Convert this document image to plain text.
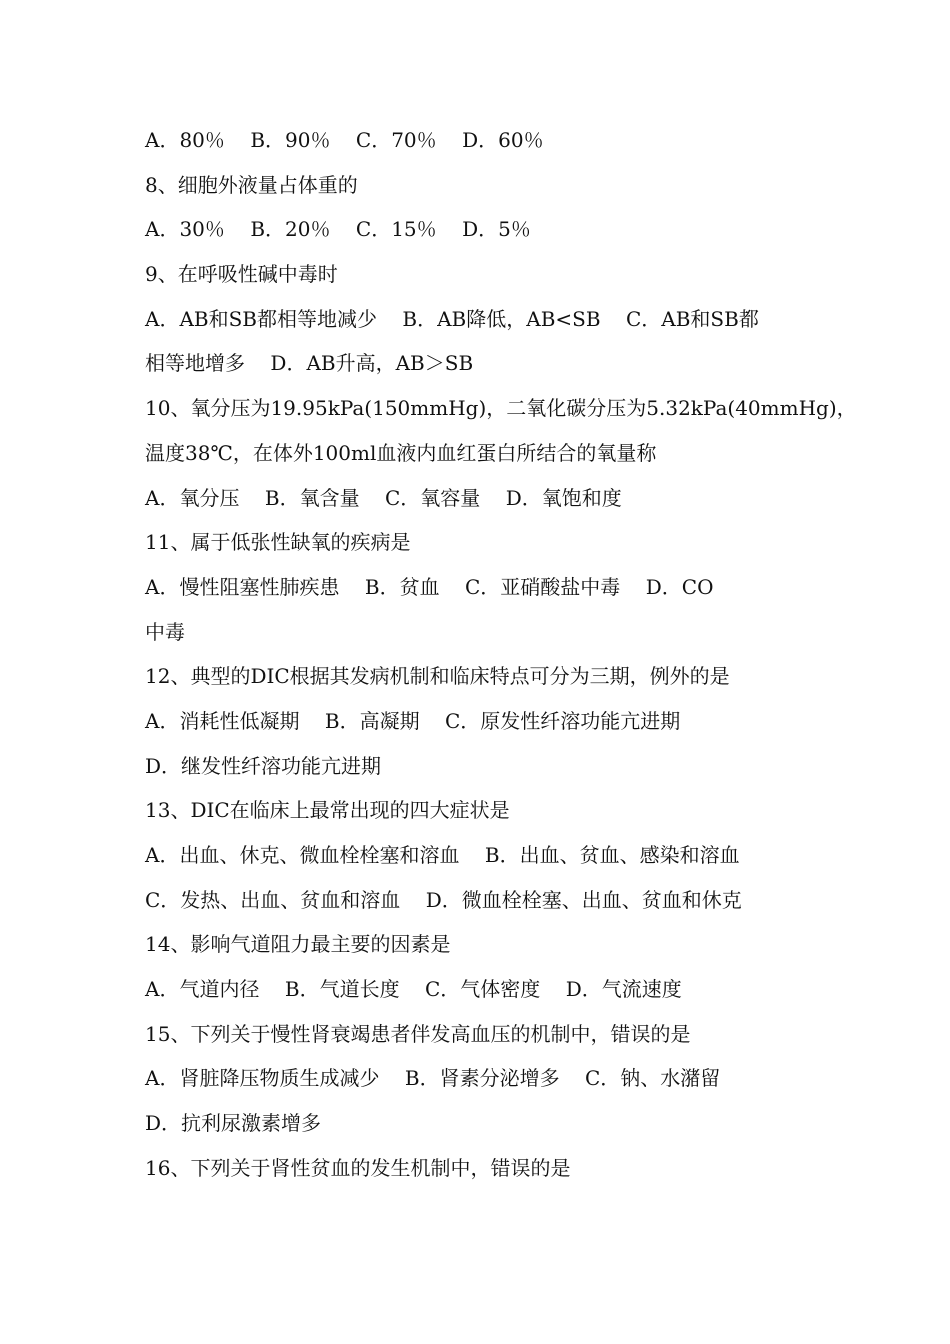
A．80％    B．90％    C．70％    D．60％
8、细胞外液量占体重的
A．30％    B．20％    C．15％    D．5％
9、在呼吸性碱中毒时
A．AB和SB都相等地减少    B．AB降低，AB<SB    C．AB和SB都
相等地增多    D．AB升高，AB＞SB
10、氧分压为19.95kPa(150mmHg)，二氧化碳分压为5.32kPa(40mmHg)，
温度38℃，在体外100ml血液内血红蛋白所结合的氧量称
A．氧分压    B．氧含量    C．氧容量    D．氧饱和度
11、属于低张性缺氧的疾病是
A．慢性阻塞性肺疾患    B．贫血    C．亚硝酸盐中毒    D．CO
中毒
12、典型的DIC根据其发病机制和临床特点可分为三期，例外的是
A．消耗性低凝期    B．高凝期    C．原发性纤溶功能亢进期
D．继发性纤溶功能亢进期
13、DIC在临床上最常出现的四大症状是
A．出血、休克、微血栓栓塞和溶血    B．出血、贫血、感染和溶血
C．发热、出血、贫血和溶血    D．微血栓栓塞、出血、贫血和休克
14、影响气道阻力最主要的因素是
A．气道内径    B．气道长度    C．气体密度    D．气流速度
15、下列关于慢性肾衰竭患者伴发高血压的机制中，错误的是
A．肾脏降压物质生成减少    B．肾素分泌增多    C．钠、水潴留
D．抗利尿激素增多
16、下列关于肾性贫血的发生机制中，错误的是
